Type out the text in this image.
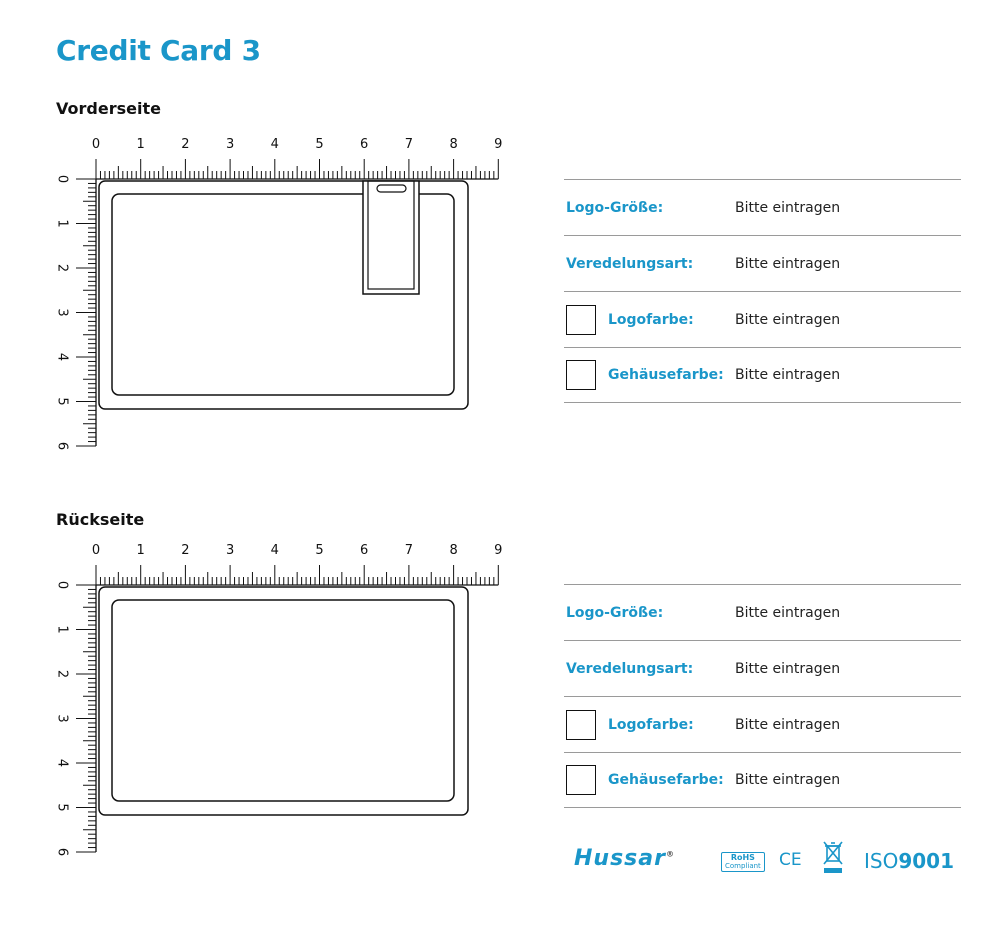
Credit Card 3
Vorderseite
0	1	2	3	4	5	6	7	8	9
0
1
2
3
4
5
6
Logo-Größe:	Bitte eintragen
Veredelungsart:	Bitte eintragen
Logofarbe:	Bitte eintragen
Gehäusefarbe: Bitte eintragen
Rückseite
0	1	2	3	4	5	6	7	8	9
0
1
2
3
4
5
6
Logo-Größe:	Bitte eintragen
Veredelungsart:	Bitte eintragen
Logofarbe:	Bitte eintragen
Gehäusefarbe: Bitte eintragen
Hussar®	RoHS
Compliant CE	ISO9001
